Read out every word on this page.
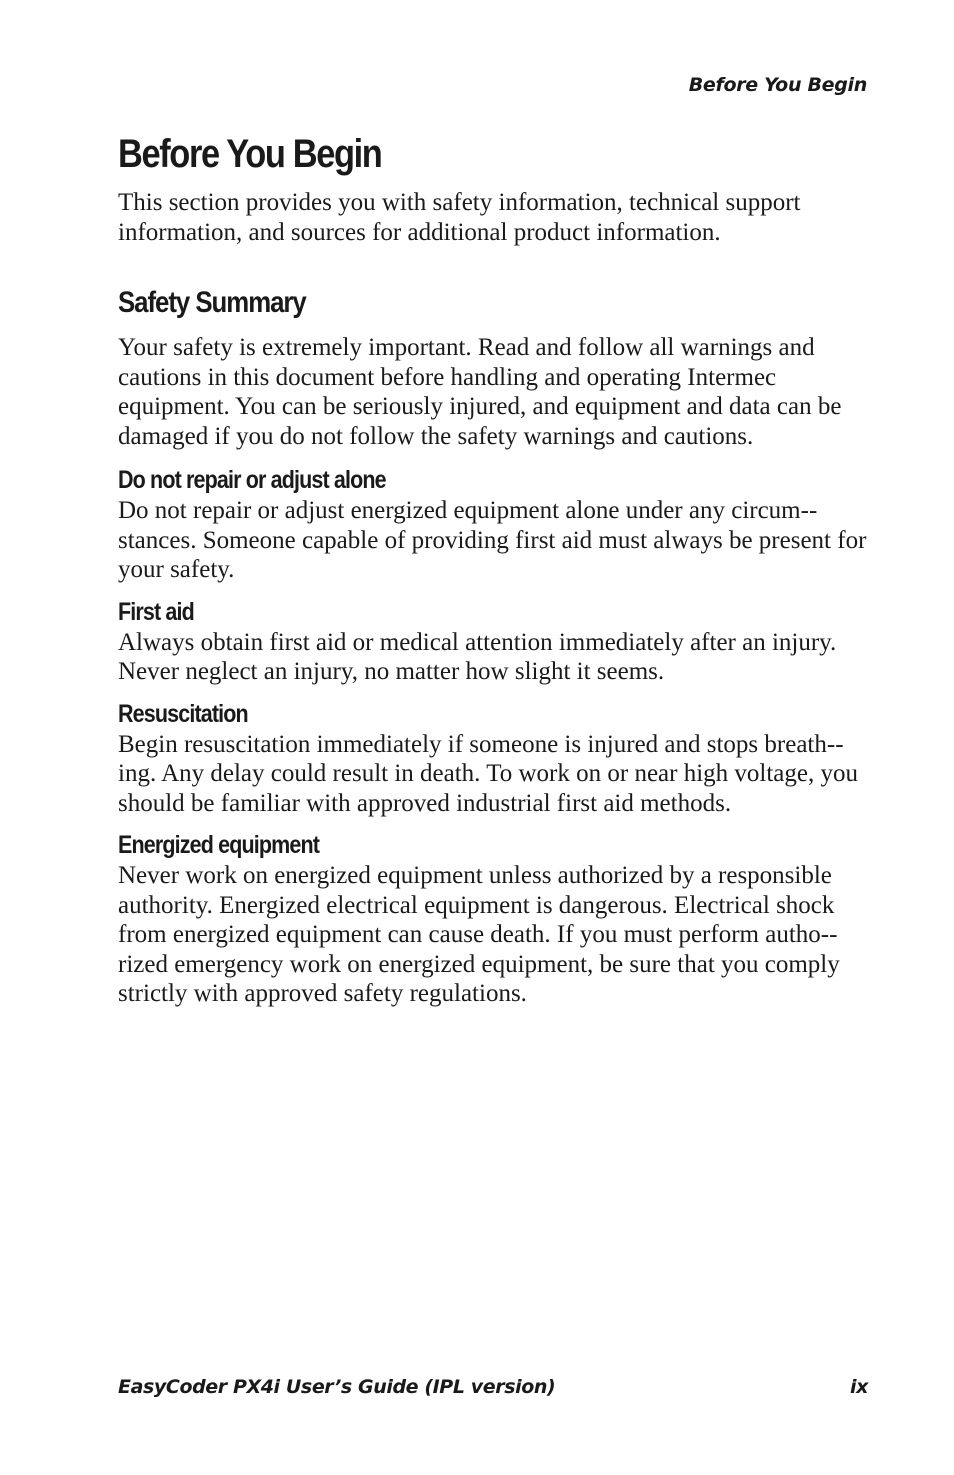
Before You Begin
Before You Begin

This section provides you with safety information, technical support information, and sources for additional product information.

Safety Summary

Your safety is extremely important. Read and follow all warnings and cautions in this document before handling and operating Intermec equipment. You can be seriously injured, and equipment and data can be damaged if you do not follow the safety warnings and cautions.

Do not repair or adjust alone

Do not repair or adjust energized equipment alone under any circum-stances. Someone capable of providing first aid must always be present for your safety.

First aid

Always obtain first aid or medical attention immediately after an injury. Never neglect an injury, no matter how slight it seems.

Resuscitation

Begin resuscitation immediately if someone is injured and stops breath-ing. Any delay could result in death. To work on or near high voltage, you should be familiar with approved industrial first aid methods.

Energized equipment

Never work on energized equipment unless authorized by a responsible authority. Energized electrical equipment is dangerous. Electrical shock from energized equipment can cause death. If you must perform autho-rized emergency work on energized equipment, be sure that you comply strictly with approved safety regulations.

EasyCoder PX4i User’s Guide (IPL version)	ix
